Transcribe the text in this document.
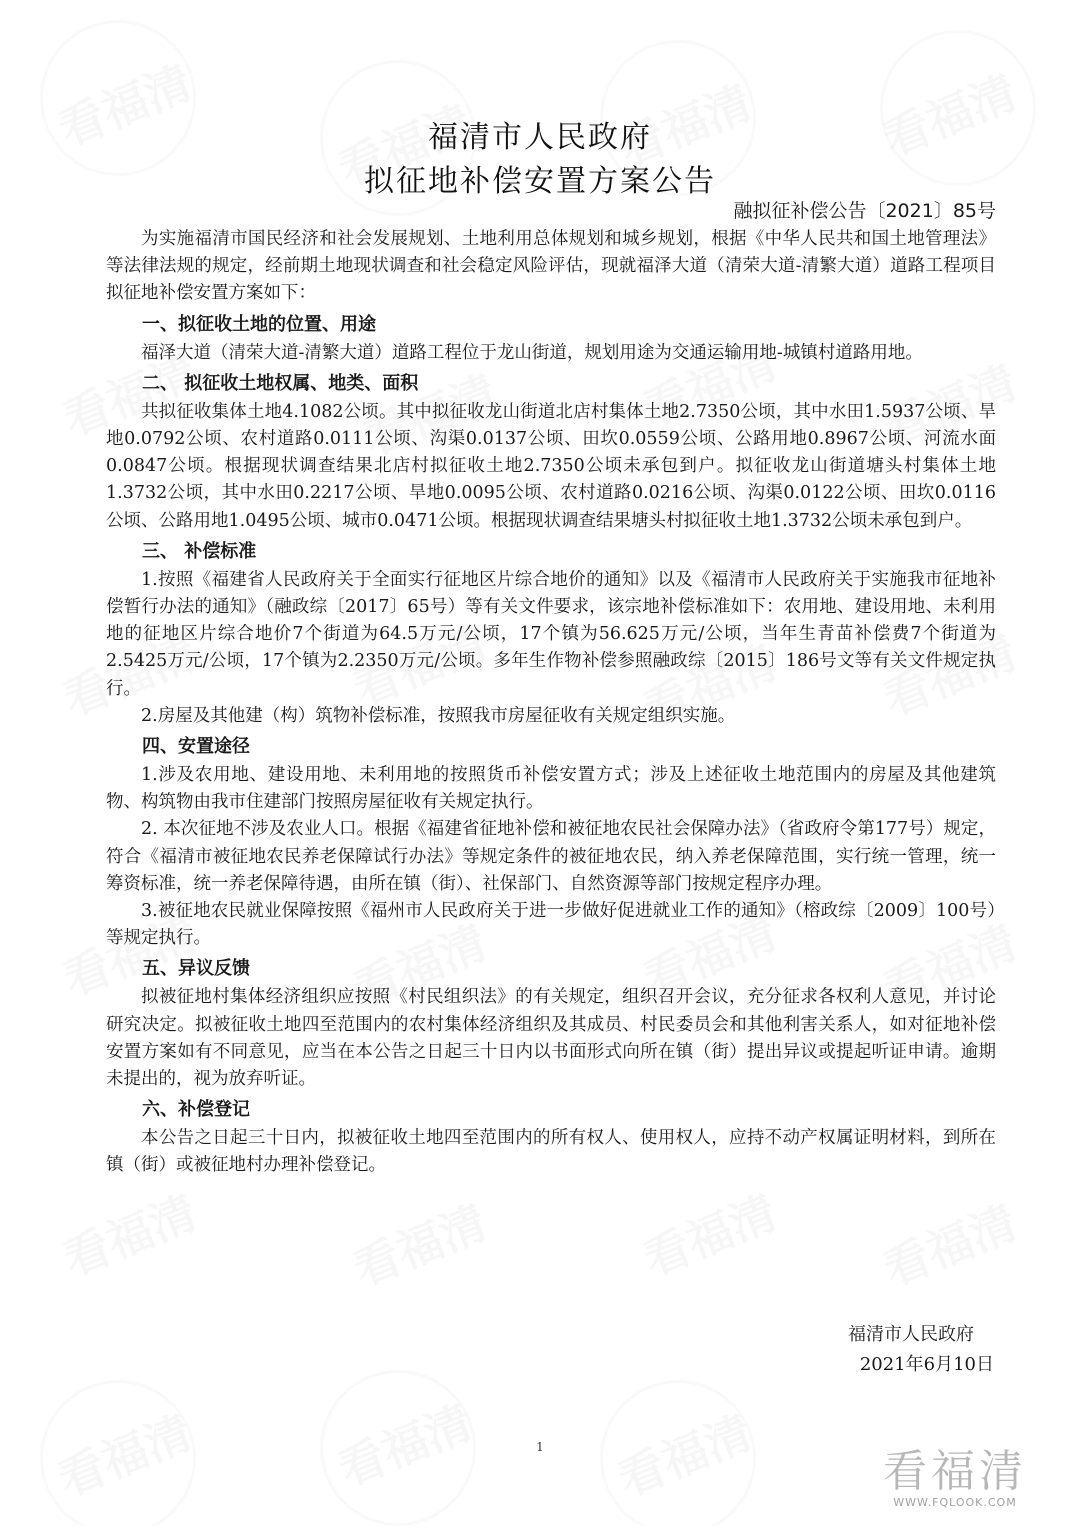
福清市人民政府
拟征地补偿安置方案公告
融拟征补偿公告〔2021〕85号

为实施福清市国民经济和社会发展规划、土地利用总体规划和城乡规划，根据《中华人民共和国土地管理法》等法律法规的规定，经前期土地现状调查和社会稳定风险评估，现就福泽大道（清荣大道-清繁大道）道路工程项目拟征地补偿安置方案如下：

一、拟征收土地的位置、用途

福泽大道（清荣大道-清繁大道）道路工程位于龙山街道，规划用途为交通运输用地-城镇村道路用地。

二、 拟征收土地权属、地类、面积

共拟征收集体土地4.1082公顷。其中拟征收龙山街道北店村集体土地2.7350公顷，其中水田1.5937公顷、旱地0.0792公顷、农村道路0.0111公顷、沟渠0.0137公顷、田坎0.0559公顷、公路用地0.8967公顷、河流水面0.0847公顷。根据现状调查结果北店村拟征收土地2.7350公顷未承包到户。拟征收龙山街道塘头村集体土地1.3732公顷，其中水田0.2217公顷、旱地0.0095公顷、农村道路0.0216公顷、沟渠0.0122公顷、田坎0.0116公顷、公路用地1.0495公顷、城市0.0471公顷。根据现状调查结果塘头村拟征收土地1.3732公顷未承包到户。

三、 补偿标准

1.按照《福建省人民政府关于全面实行征地区片综合地价的通知》以及《福清市人民政府关于实施我市征地补偿暂行办法的通知》（融政综〔2017〕65号）等有关文件要求，该宗地补偿标准如下：农用地、建设用地、未利用地的征地区片综合地价7个街道为64.5万元/公顷，17个镇为56.625万元/公顷，当年生青苗补偿费7个街道为2.5425万元/公顷，17个镇为2.2350万元/公顷。多年生作物补偿参照融政综〔2015〕186号文等有关文件规定执行。

2.房屋及其他建（构）筑物补偿标准，按照我市房屋征收有关规定组织实施。

四、安置途径

1.涉及农用地、建设用地、未利用地的按照货币补偿安置方式；涉及上述征收土地范围内的房屋及其他建筑物、构筑物由我市住建部门按照房屋征收有关规定执行。

2. 本次征地不涉及农业人口。根据《福建省征地补偿和被征地农民社会保障办法》（省政府令第177号）规定，符合《福清市被征地农民养老保障试行办法》等规定条件的被征地农民，纳入养老保障范围，实行统一管理，统一筹资标准，统一养老保障待遇，由所在镇（街）、社保部门、自然资源等部门按规定程序办理。

3.被征地农民就业保障按照《福州市人民政府关于进一步做好促进就业工作的通知》（榕政综〔2009〕100号）等规定执行。

五、异议反馈

拟被征地村集体经济组织应按照《村民组织法》的有关规定，组织召开会议，充分征求各权利人意见，并讨论研究决定。拟被征收土地四至范围内的农村集体经济组织及其成员、村民委员会和其他利害关系人，如对征地补偿安置方案如有不同意见，应当在本公告之日起三十日内以书面形式向所在镇（街）提出异议或提起听证申请。逾期未提出的，视为放弃听证。

六、补偿登记

本公告之日起三十日内，拟被征收土地四至范围内的所有权人、使用权人，应持不动产权属证明材料，到所在镇（街）或被征地村办理补偿登记。

福清市人民政府
2021年6月10日
1	看福清
WWW.FQLOOK.COM
